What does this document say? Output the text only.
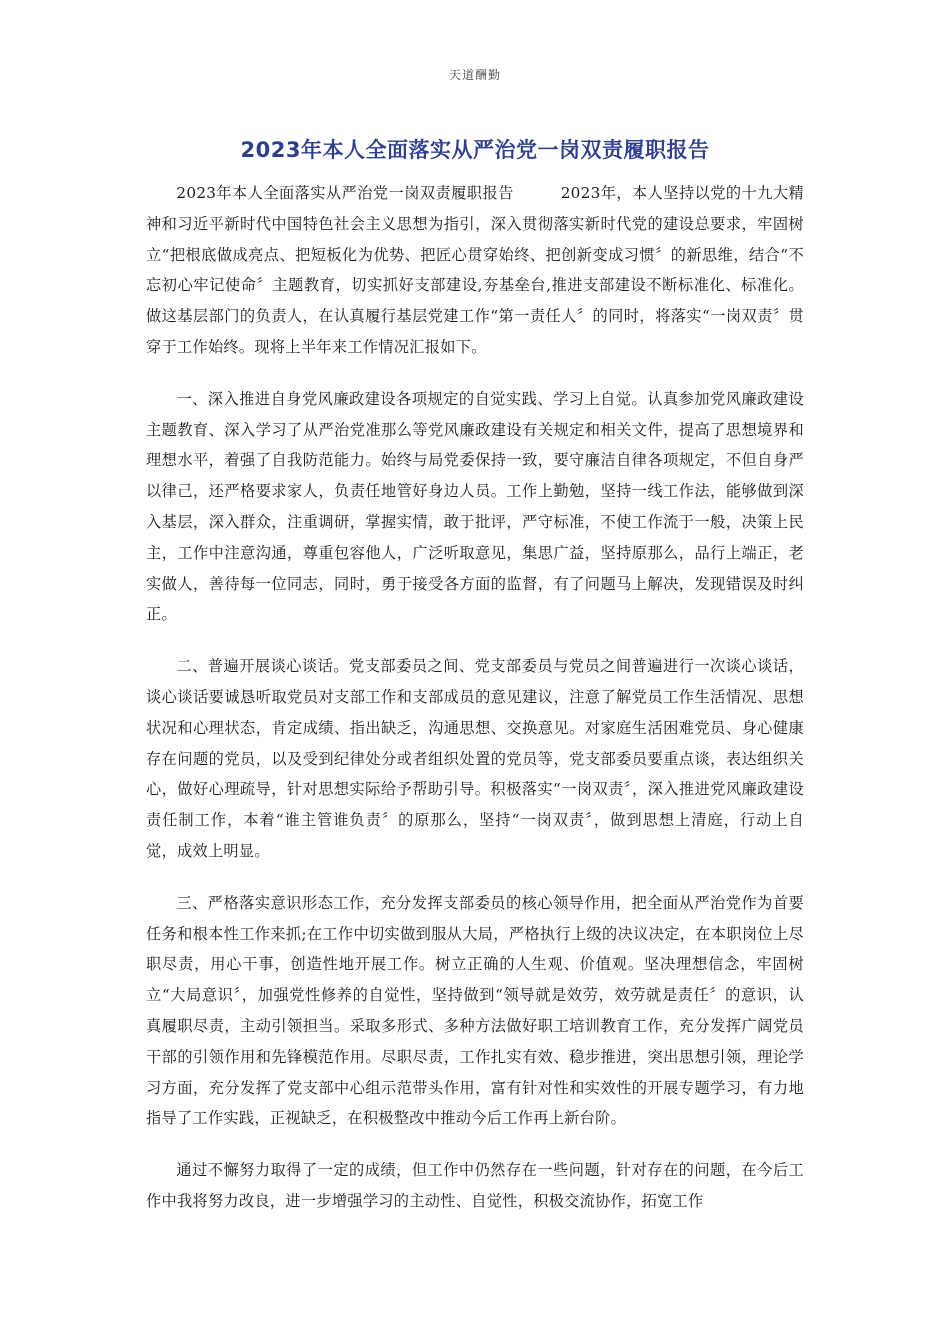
天道酬勤
2023年本人全面落实从严治党一岗双责履职报告

2023年本人全面落实从严治党一岗双责履职报告　　　2023年，本人坚持以党的十九大精神和习近平新时代中国特色社会主义思想为指引，深入贯彻落实新时代党的建设总要求，牢固树立“把根底做成亮点、把短板化为优势、把匠心贯穿始终、把创新变成习惯〞的新思维，结合“不忘初心牢记使命〞主题教育，切实抓好支部建设,夯基垒台,推进支部建设不断标准化、标准化。做这基层部门的负责人，在认真履行基层党建工作“第一责任人〞的同时，将落实“一岗双责〞贯穿于工作始终。现将上半年来工作情况汇报如下。

一、深入推进自身党风廉政建设各项规定的自觉实践、学习上自觉。认真参加党风廉政建设主题教育、深入学习了从严治党准那么等党风廉政建设有关规定和相关文件，提高了思想境界和理想水平，着强了自我防范能力。始终与局党委保持一致，要守廉洁自律各项规定，不但自身严以律己，还严格要求家人，负责任地管好身边人员。工作上勤勉，坚持一线工作法，能够做到深入基层，深入群众，注重调研，掌握实情，敢于批评，严守标准，不使工作流于一般，决策上民主，工作中注意沟通，尊重包容他人，广泛听取意见，集思广益，坚持原那么，品行上端正，老实做人，善待每一位同志，同时，勇于接受各方面的监督，有了问题马上解决，发现错误及时纠正。

二、普遍开展谈心谈话。党支部委员之间、党支部委员与党员之间普遍进行一次谈心谈话，谈心谈话要诚恳听取党员对支部工作和支部成员的意见建议，注意了解党员工作生活情况、思想状况和心理状态，肯定成绩、指出缺乏，沟通思想、交换意见。对家庭生活困难党员、身心健康存在问题的党员，以及受到纪律处分或者组织处置的党员等，党支部委员要重点谈，表达组织关心，做好心理疏导，针对思想实际给予帮助引导。积极落实“一岗双责〞，深入推进党风廉政建设责任制工作，本着“谁主管谁负责〞的原那么，坚持“一岗双责〞，做到思想上清庭，行动上自觉，成效上明显。

三、严格落实意识形态工作，充分发挥支部委员的核心领导作用，把全面从严治党作为首要任务和根本性工作来抓;在工作中切实做到服从大局，严格执行上级的决议决定，在本职岗位上尽职尽责，用心干事，创造性地开展工作。树立正确的人生观、价值观。坚决理想信念，牢固树立“大局意识〞，加强党性修养的自觉性，坚持做到“领导就是效劳，效劳就是责任〞的意识，认真履职尽责，主动引领担当。采取多形式、多种方法做好职工培训教育工作，充分发挥广阔党员干部的引领作用和先锋模范作用。尽职尽责，工作扎实有效、稳步推进，突出思想引领，理论学习方面，充分发挥了党支部中心组示范带头作用，富有针对性和实效性的开展专题学习，有力地指导了工作实践，正视缺乏，在积极整改中推动今后工作再上新台阶。

通过不懈努力取得了一定的成绩，但工作中仍然存在一些问题，针对存在的问题，在今后工作中我将努力改良，进一步增强学习的主动性、自觉性，积极交流协作，拓宽工作
